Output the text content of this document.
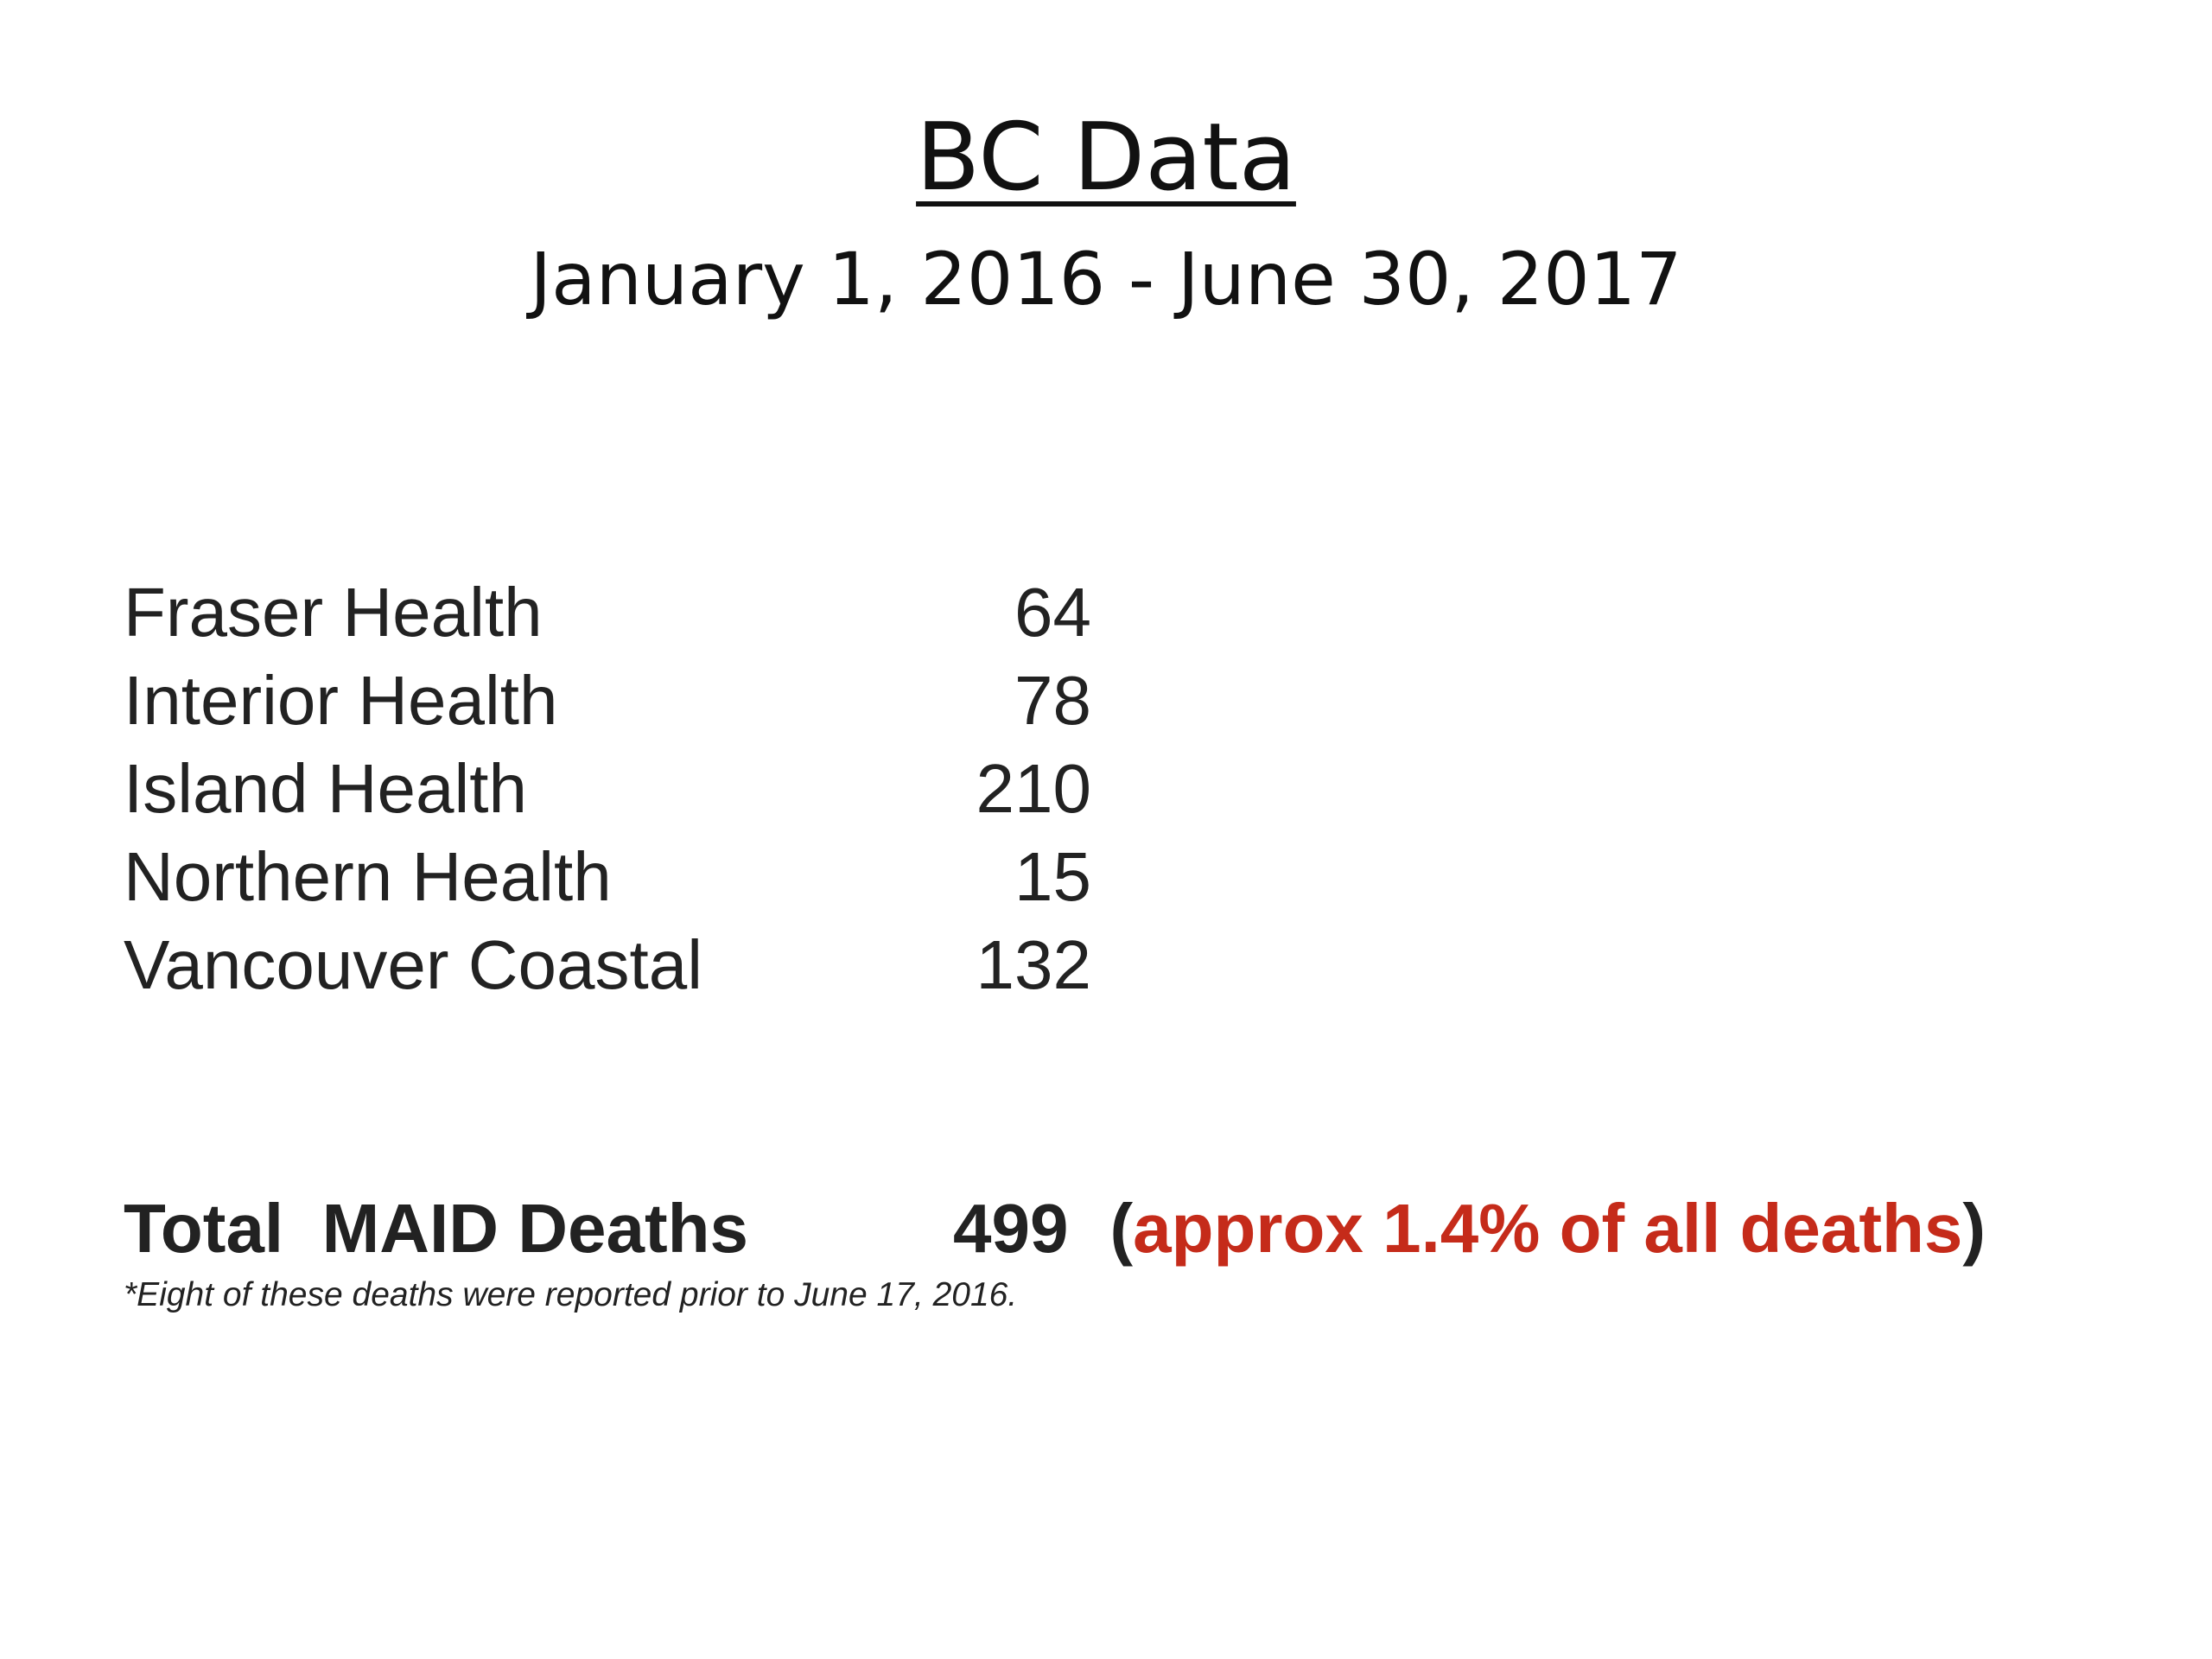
BC Data
January 1, 2016 - June 30, 2017
Fraser Health	64
Interior Health	78
Island Health	210
Northern Health	15
Vancouver Coastal	132
Total  MAID Deaths	499 ( approx 1.4% of all deaths )
*Eight of these deaths were reported prior to June 17, 2016.
